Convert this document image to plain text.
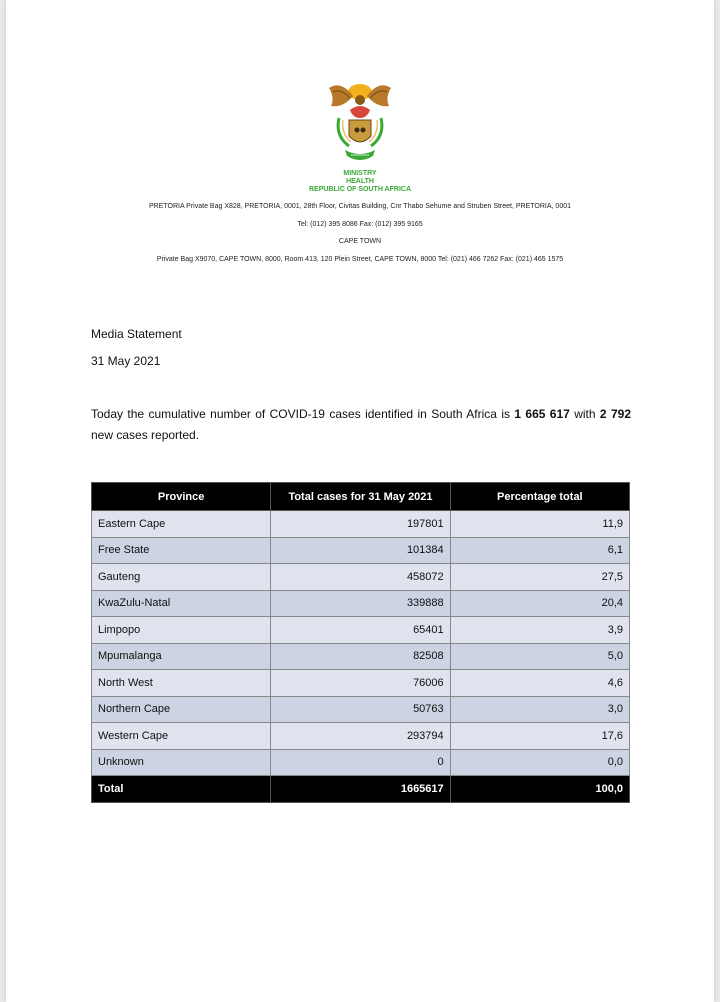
MINISTRY
HEALTH
REPUBLIC OF SOUTH AFRICA
PRETORIA Private Bag X828, PRETORIA, 0001, 28th Floor, Civitas Building, Cnr Thabo Sehume and Struben Street, PRETORIA, 0001
Tel: (012) 395 8086 Fax: (012) 395 9165
CAPE TOWN
Private Bag X9070, CAPE TOWN, 8000, Room 413, 120 Plein Street, CAPE TOWN, 8000 Tel: (021) 466 7262 Fax: (021) 465 1575
Media Statement
31 May 2021
Today the cumulative number of COVID-19 cases identified in South Africa is 1 665 617 with 2 792 new cases reported.
Province	Total cases for 31 May 2021	Percentage total
Eastern Cape	197801	11,9
Free State	101384	6,1
Gauteng	458072	27,5
KwaZulu-Natal	339888	20,4
Limpopo	65401	3,9
Mpumalanga	82508	5,0
North West	76006	4,6
Northern Cape	50763	3,0
Western Cape	293794	17,6
Unknown	0	0,0
Total	1665617	100,0
